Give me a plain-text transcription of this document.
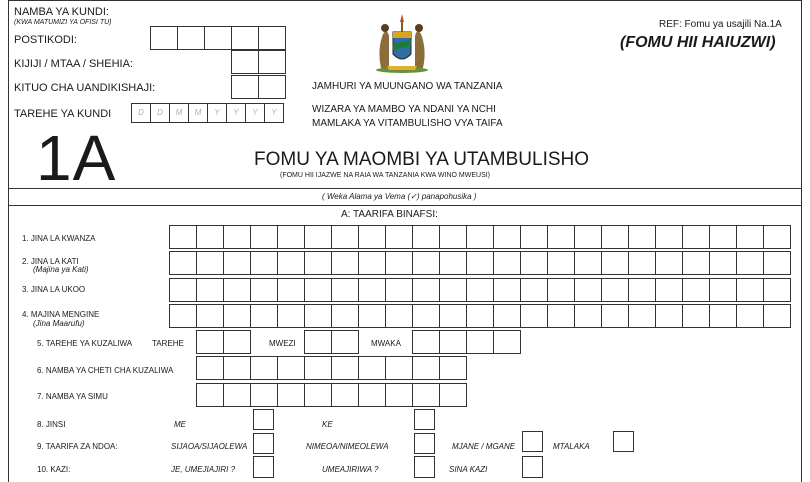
NAMBA YA KUNDI:
(KWA MATUMIZI YA OFISI TU)
POSTIKODI:
KIJIJI / MTAA / SHEHIA:
KITUO CHA UANDIKISHAJI:
TAREHE YA KUNDI	D	D	M	M	Y	Y	Y	Y
1A
JAMHURI YA MUUNGANO WA TANZANIA
WIZARA YA MAMBO YA NDANI YA NCHI
MAMLAKA YA VITAMBULISHO VYA TAIFA
REF: Fomu ya usajili Na.1A
(FOMU HII HAIUZWI)
FOMU YA MAOMBI YA UTAMBULISHO
(FOMU HII IJAZWE NA RAIA WA TANZANIA KWA WINO MWEUSI)
( Weka Alama ya Vema (✓) panapohusika )
A: TAARIFA BINAFSI:
1. JINA LA KWANZA
2. JINA LA KATI
(Majina ya Kati)
3. JINA LA UKOO
4. MAJINA MENGINE
(Jina Maarufu)
5. TAREHE YA KUZALIWA TAREHE	MWEZI	MWAKA
6. NAMBA YA CHETI CHA KUZALIWA
7. NAMBA YA SIMU
8. JINSI	ME	KE
9. TAARIFA ZA NDOA:	SIJAOA/SIJAOLEWA	NIMEOA/NIMEOLEWA	MJANE / MGANE	MTALAKA
10. KAZI:	JE, UMEJIAJIRI ?	UMEAJIRIWA ?	SINA KAZI
